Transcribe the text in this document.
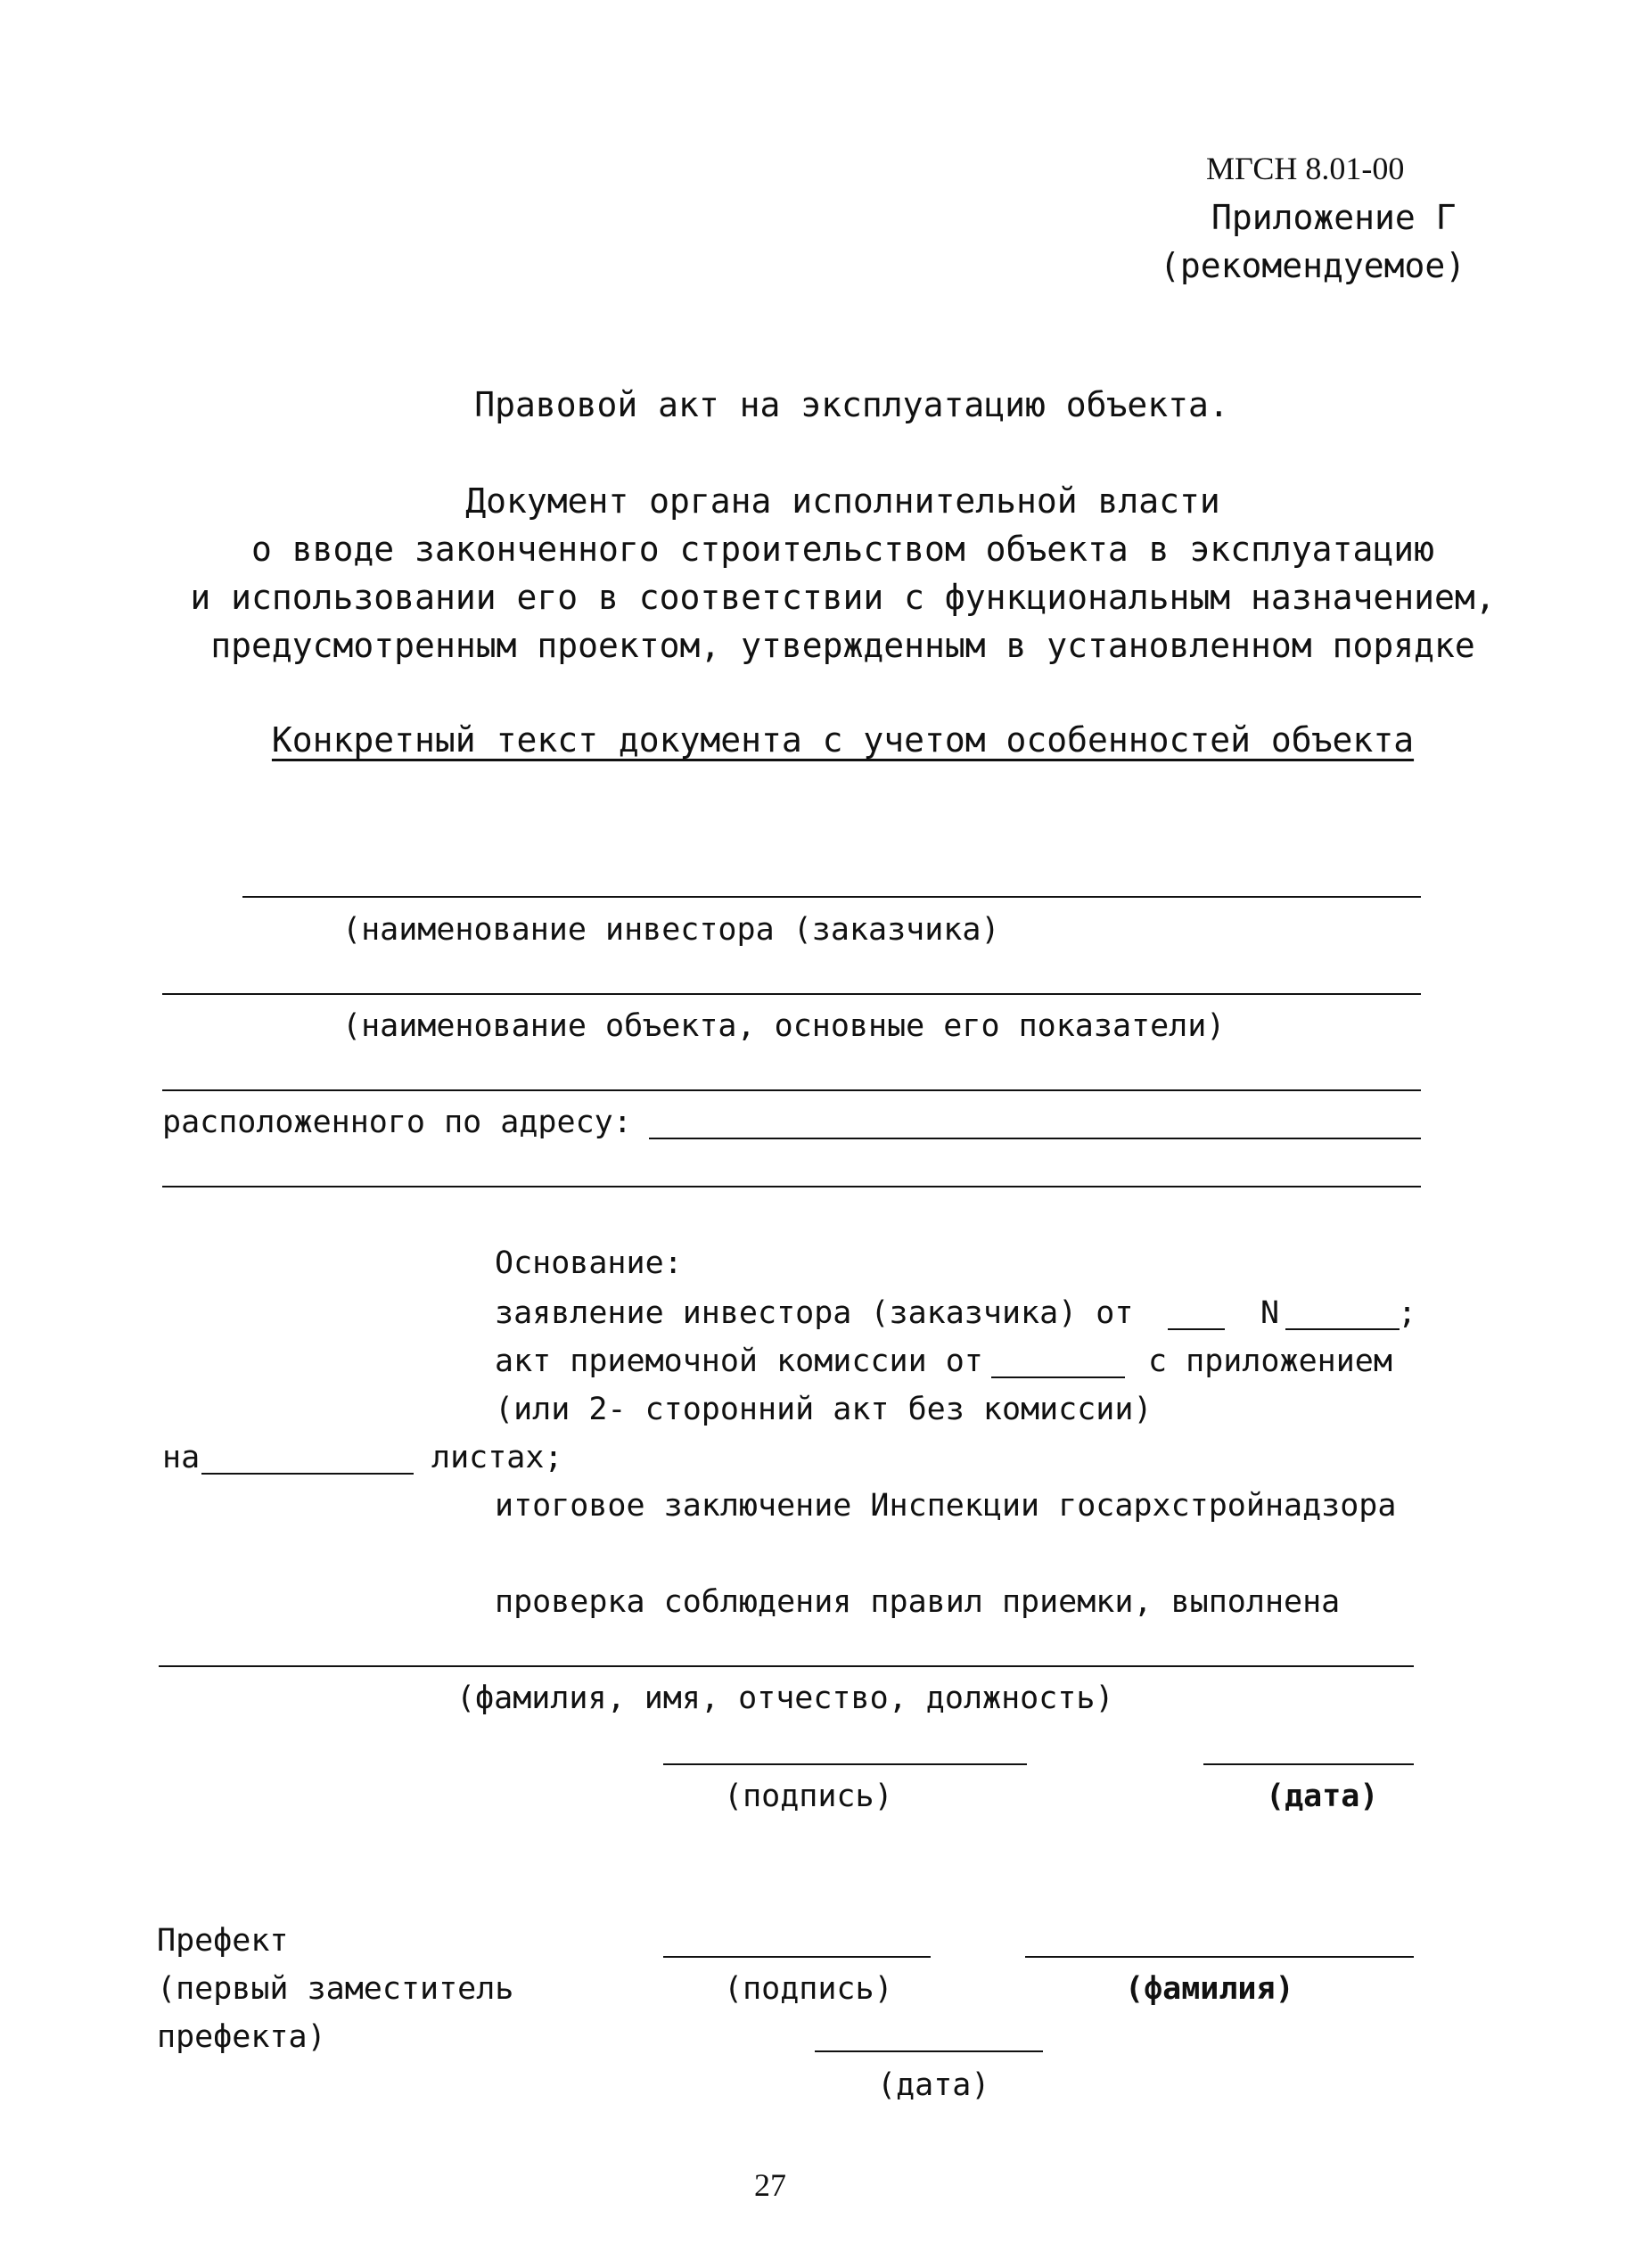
МГСН 8.01-00
Приложение Г
(рекомендуемое)
Правовой акт на эксплуатацию объекта.
Документ органа исполнительной власти
о вводе законченного строительством объекта в эксплуатацию
и использовании его в соответствии с функциональным назначением,
предусмотренным проектом, утвержденным в установленном порядке
Конкретный текст документа с учетом особенностей объекта
(наименование инвестора (заказчика)
(наименование объекта, основные его показатели)
расположенного по адресу:
Основание:
заявление инвестора (заказчика) от	N	;
акт приемочной комиссии от	с приложением
(или 2- сторонний акт без комиссии)
на	листах;
итоговое заключение Инспекции госархстройнадзора
проверка соблюдения правил приемки, выполнена
(фамилия, имя, отчество, должность)
(подпись)	(дата)
Префект
(первый заместитель
префекта)
(подпись)	(фамилия)
(дата)
27
